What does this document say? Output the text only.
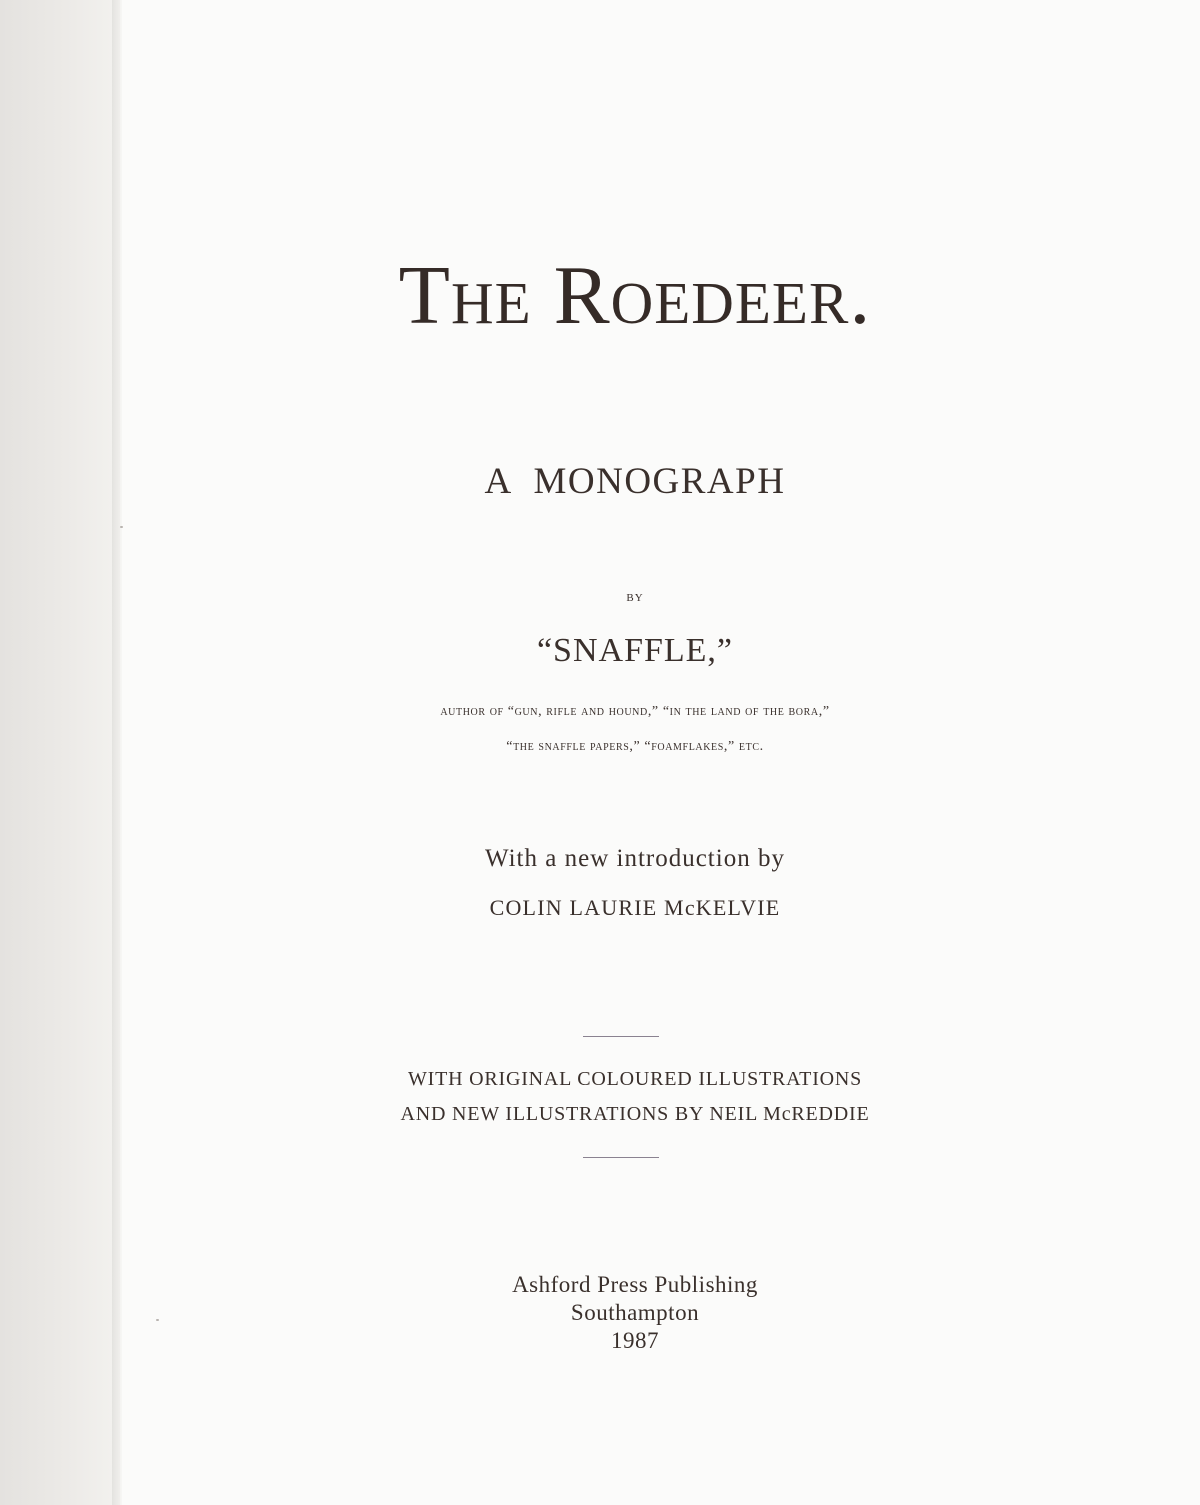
The Roedeer.
A MONOGRAPH
BY
“SNAFFLE,”
author of “gun, rifle and hound,” “in the land of the bora,”
“the snaffle papers,” “foamflakes,” etc.
With a new introduction by
COLIN LAURIE McKELVIE
WITH ORIGINAL COLOURED ILLUSTRATIONS
AND NEW ILLUSTRATIONS BY NEIL McREDDIE
Ashford Press Publishing
Southampton
1987
